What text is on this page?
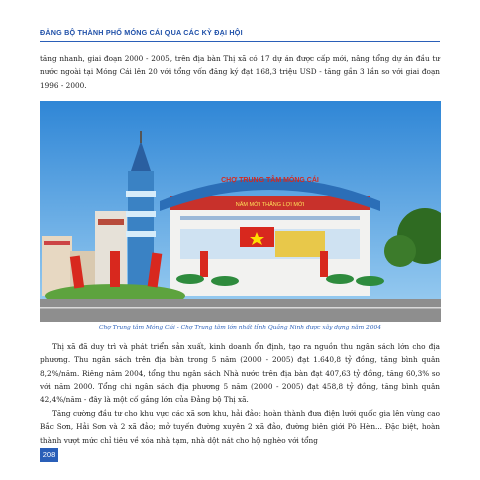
ĐẢNG BỘ THÀNH PHỐ MÓNG CÁI QUA CÁC KỲ ĐẠI HỘI

tăng nhanh, giai đoạn 2000 - 2005, trên địa bàn Thị xã có 17 dự án được cấp mới, nâng tổng dự án đầu tư nước ngoài tại Móng Cái lên 20 với tổng vốn đăng ký đạt 168,3 triệu USD - tăng gần 3 lần so với giai đoạn 1996 - 2000.

CHỢ TRUNG TÂM MÓNG CÁI
NĂM MỚI THẮNG LỢI MỚI
Chợ Trung tâm Móng Cái - Chợ Trung tâm lớn nhất tỉnh Quảng Ninh được xây dựng năm 2004

Thị xã đã duy trì và phát triển sản xuất, kinh doanh ổn định, tạo ra nguồn thu ngân sách lớn cho địa phương. Thu ngân sách trên địa bàn trong 5 năm (2000 - 2005) đạt 1.640,8 tỷ đồng, tăng bình quân 8,2%/năm. Riêng năm 2004, tổng thu ngân sách Nhà nước trên địa bàn đạt 407,63 tỷ đồng, tăng 60,3% so với năm 2000. Tổng chi ngân sách địa phương 5 năm (2000 - 2005) đạt 458,8 tỷ đồng, tăng bình quân 42,4%/năm - đây là một cố gắng lớn của Đảng bộ Thị xã.

Tăng cường đầu tư cho khu vực các xã sơn khu, hải đảo: hoàn thành đưa điện lưới quốc gia lên vùng cao Bắc Sơn, Hải Sơn và 2 xã đảo; mở tuyến đường xuyên 2 xã đảo, đường biên giới Pò Hèn... Đặc biệt, hoàn thành vượt mức chỉ tiêu về xóa nhà tạm, nhà dột nát cho hộ nghèo với tổng

208
